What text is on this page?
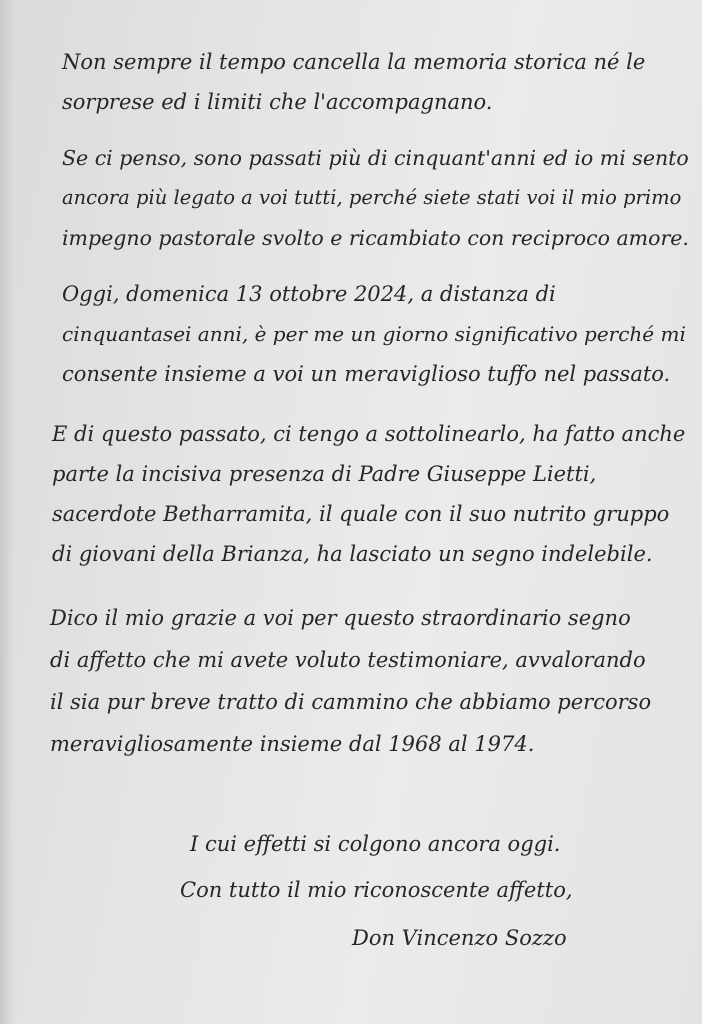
Non sempre il tempo cancella la memoria storica né le

sorprese ed i limiti che l'accompagnano.

Se ci penso, sono passati più di cinquant'anni ed io mi sento

ancora più legato a voi tutti, perché siete stati voi il mio primo

impegno pastorale svolto e ricambiato con reciproco amore.

Oggi, domenica 13 ottobre 2024, a distanza di

cinquantasei anni, è per me un giorno significativo perché mi

consente insieme a voi un meraviglioso tuffo nel passato.

E di questo passato, ci tengo a sottolinearlo, ha fatto anche

parte la incisiva presenza di Padre Giuseppe Lietti,

sacerdote Betharramita, il quale con il suo nutrito gruppo

di giovani della Brianza, ha lasciato un segno indelebile.

Dico il mio grazie a voi per questo straordinario segno

di affetto che mi avete voluto testimoniare, avvalorando

il sia pur breve tratto di cammino che abbiamo percorso

meravigliosamente insieme dal 1968 al 1974.

I cui effetti si colgono ancora oggi.

Con tutto il mio riconoscente affetto,

Don Vincenzo Sozzo
